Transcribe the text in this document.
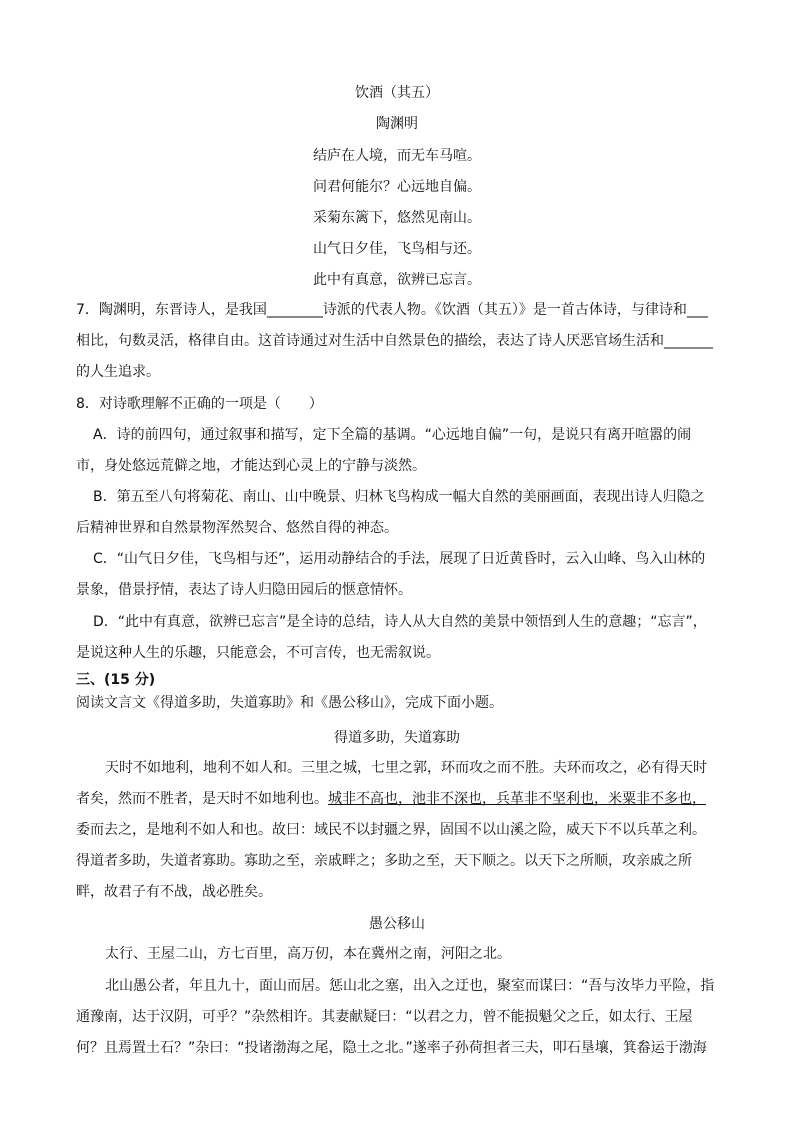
饮酒（其五）
陶渊明
结庐在人境，而无车马喧。
问君何能尔？心远地自偏。
采菊东篱下，悠然见南山。
山气日夕佳，飞鸟相与还。
此中有真意，欲辨已忘言。
7．陶渊明，东晋诗人，是我国________诗派的代表人物。《饮酒（其五）》是一首古体诗，与律诗和___
相比，句数灵活，格律自由。这首诗通过对生活中自然景色的描绘，表达了诗人厌恶官场生活和_______
的人生追求。
8．对诗歌理解不正确的一项是（　　）
A．诗的前四句，通过叙事和描写，定下全篇的基调。“心远地自偏”一句，是说只有离开喧嚣的闹
市，身处悠远荒僻之地，才能达到心灵上的宁静与淡然。
B．第五至八句将菊花、南山、山中晚景、归林飞鸟构成一幅大自然的美丽画面，表现出诗人归隐之
后精神世界和自然景物浑然契合、悠然自得的神态。
C．“山气日夕佳，飞鸟相与还”，运用动静结合的手法，展现了日近黄昏时，云入山峰、鸟入山林的
景象，借景抒情，表达了诗人归隐田园后的惬意情怀。
D．“此中有真意，欲辨已忘言”是全诗的总结，诗人从大自然的美景中领悟到人生的意趣；“忘言”，
是说这种人生的乐趣，只能意会，不可言传，也无需叙说。
三、(15 分)
阅读文言文《得道多助，失道寡助》和《愚公移山》，完成下面小题。
得道多助，失道寡助
天时不如地利，地利不如人和。三里之城，七里之郭，环而攻之而不胜。夫环而攻之，必有得天时
者矣，然而不胜者，是天时不如地利也。城非不高也，池非不深也，兵革非不坚利也，米粟非不多也，
委而去之，是地利不如人和也。故曰：域民不以封疆之界，固国不以山溪之险，威天下不以兵革之利。
得道者多助，失道者寡助。寡助之至，亲戚畔之；多助之至，天下顺之。以天下之所顺，攻亲戚之所
畔，故君子有不战，战必胜矣。
愚公移山
太行、王屋二山，方七百里，高万仞，本在冀州之南，河阳之北。
北山愚公者，年且九十，面山而居。惩山北之塞，出入之迂也，聚室而谋曰：“吾与汝毕力平险，指
通豫南，达于汉阴，可乎？”杂然相许。其妻献疑曰：“以君之力，曾不能损魁父之丘，如太行、王屋
何？且焉置土石？”杂曰：“投诸渤海之尾，隐土之北。”遂率子孙荷担者三夫，叩石垦壤，箕畚运于渤海
